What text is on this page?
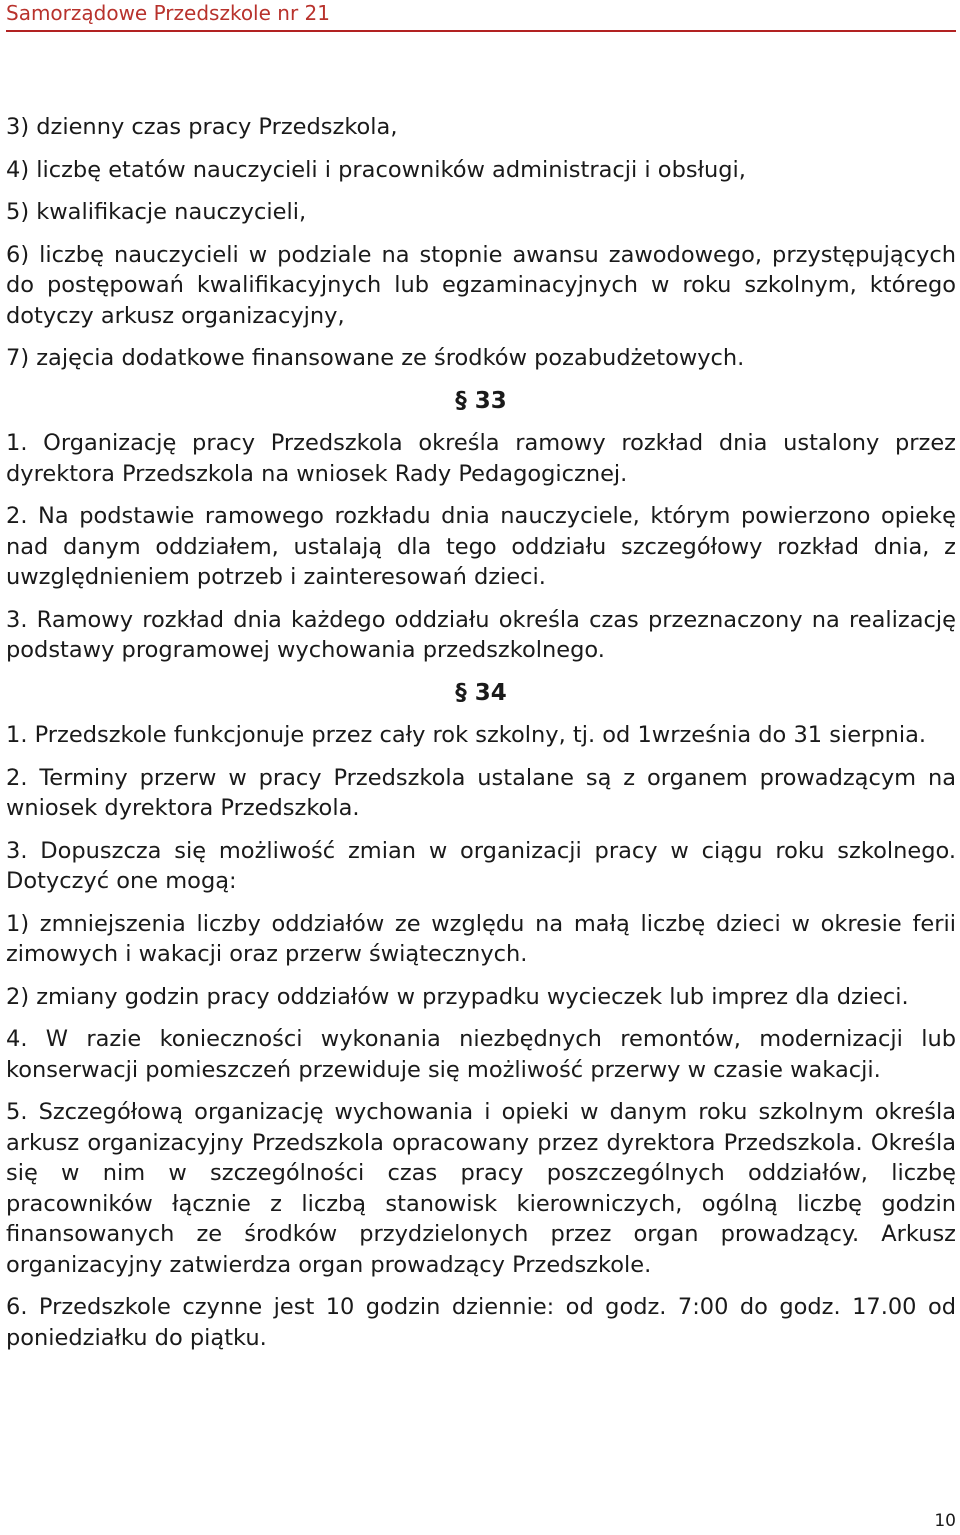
Samorządowe Przedszkole nr 21

3) dzienny czas pracy Przedszkola,

4) liczbę etatów nauczycieli i pracowników administracji i obsługi,

5) kwalifikacje nauczycieli,

6) liczbę nauczycieli w podziale na stopnie awansu zawodowego, przystępujących do postępowań kwalifikacyjnych lub egzaminacyjnych w roku szkolnym, którego dotyczy arkusz organizacyjny,

7) zajęcia dodatkowe finansowane ze środków pozabudżetowych.

§ 33

1. Organizację pracy Przedszkola określa ramowy rozkład dnia ustalony przez dyrektora Przedszkola na wniosek Rady Pedagogicznej.

2. Na podstawie ramowego rozkładu dnia nauczyciele, którym powierzono opiekę nad danym oddziałem, ustalają dla tego oddziału szczegółowy rozkład dnia, z uwzględnieniem potrzeb i zainteresowań dzieci.

3. Ramowy rozkład dnia każdego oddziału określa czas przeznaczony na realizację podstawy programowej wychowania przedszkolnego.

§ 34

1. Przedszkole funkcjonuje przez cały rok szkolny, tj. od 1września do 31 sierpnia.

2. Terminy przerw w pracy Przedszkola ustalane są z organem prowadzącym na wniosek dyrektora Przedszkola.

3. Dopuszcza się możliwość zmian w organizacji pracy w ciągu roku szkolnego. Dotyczyć one mogą:

1) zmniejszenia liczby oddziałów ze względu na małą liczbę dzieci w okresie ferii zimowych i wakacji oraz przerw świątecznych.

2) zmiany godzin pracy oddziałów w przypadku wycieczek lub imprez dla dzieci.

4. W razie konieczności wykonania niezbędnych remontów, modernizacji lub konserwacji pomieszczeń przewiduje się możliwość przerwy w czasie wakacji.

5. Szczegółową organizację wychowania i opieki w danym roku szkolnym określa arkusz organizacyjny Przedszkola opracowany przez dyrektora Przedszkola. Określa się w nim w szczególności czas pracy poszczególnych oddziałów, liczbę pracowników łącznie z liczbą stanowisk kierowniczych, ogólną liczbę godzin finansowanych ze środków przydzielonych przez organ prowadzący. Arkusz organizacyjny zatwierdza organ prowadzący Przedszkole.

6. Przedszkole czynne jest 10 godzin dziennie: od godz. 7:00 do godz. 17.00 od poniedziałku do piątku.

10
